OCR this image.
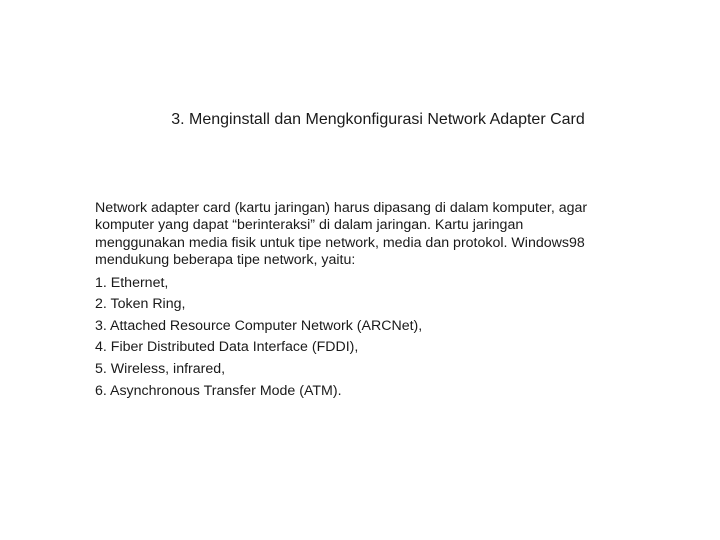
3. Menginstall dan Mengkonfigurasi Network Adapter Card

Network adapter card (kartu jaringan) harus dipasang di dalam komputer, agar
komputer yang dapat “berinteraksi” di dalam jaringan. Kartu jaringan
menggunakan media fisik untuk tipe network, media dan protokol. Windows98
mendukung beberapa tipe network, yaitu:

1. Ethernet,
2. Token Ring,
3. Attached Resource Computer Network (ARCNet),
4. Fiber Distributed Data Interface (FDDI),
5. Wireless, infrared,
6. Asynchronous Transfer Mode (ATM).
